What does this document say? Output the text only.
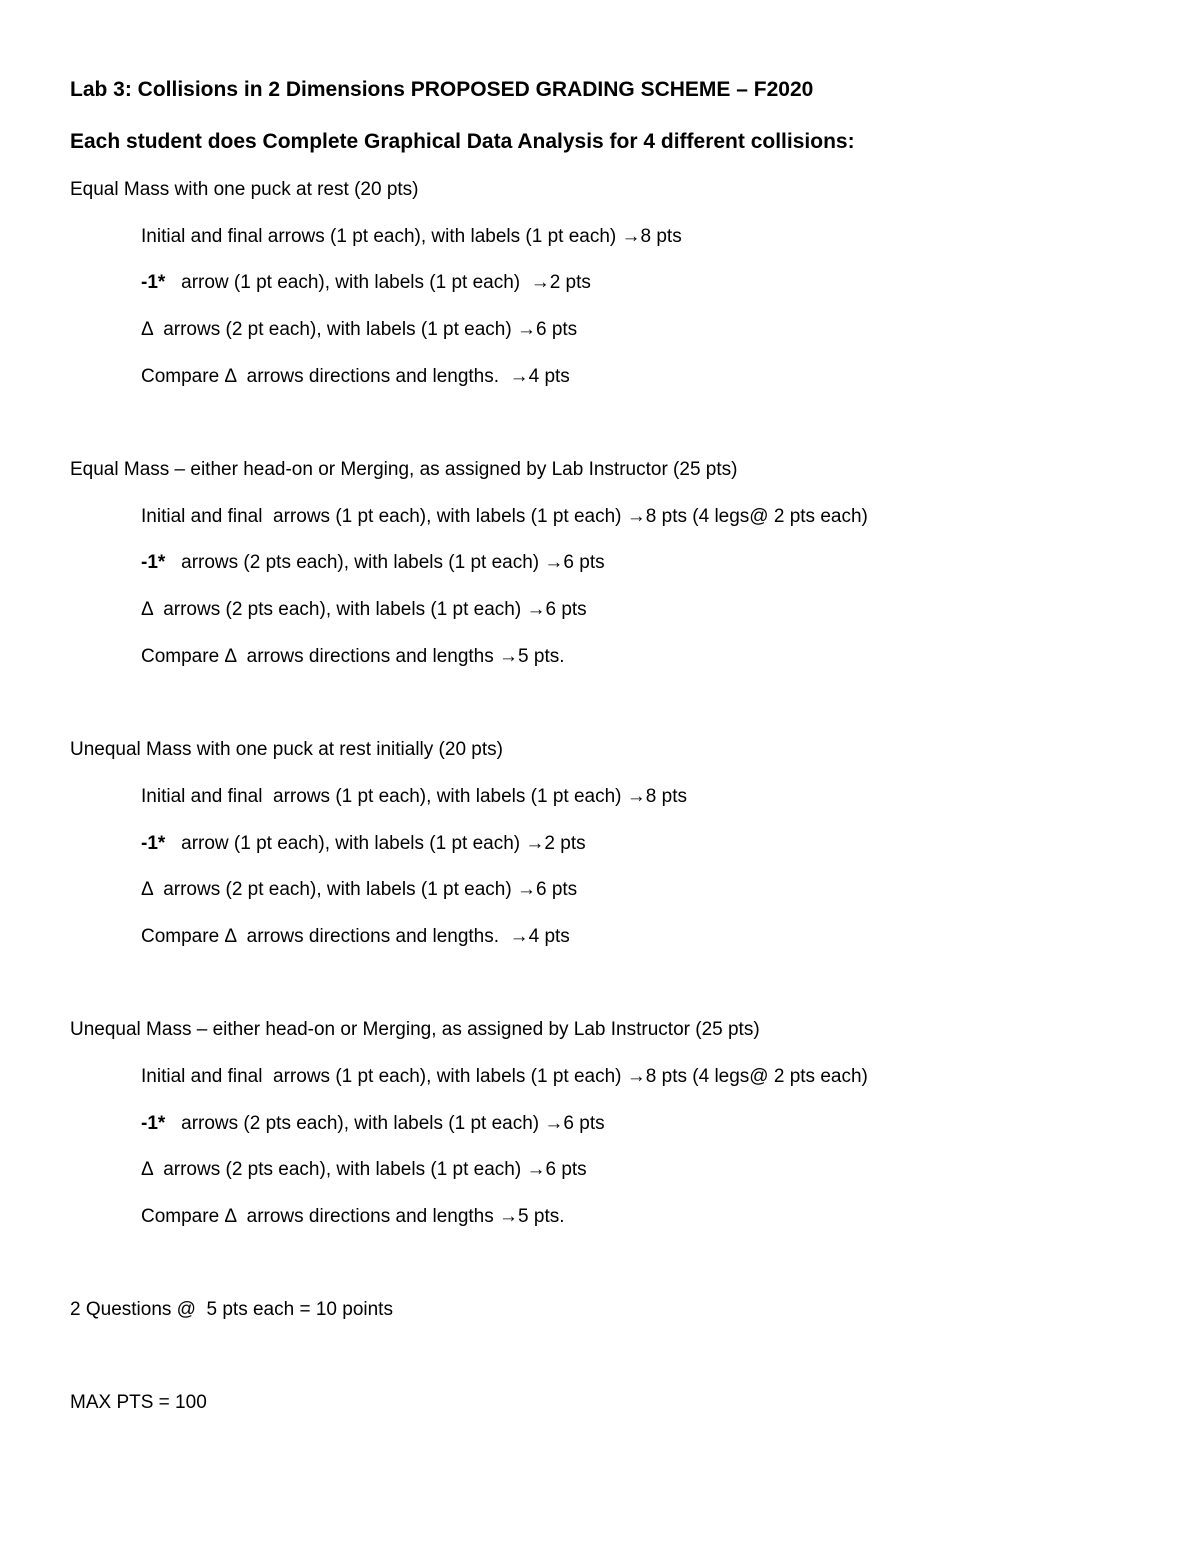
Lab 3: Collisions in 2 Dimensions PROPOSED GRADING SCHEME – F2020
Each student does Complete Graphical Data Analysis for 4 different collisions:
Equal Mass with one puck at rest (20 pts)
Initial and final arrows (1 pt each), with labels (1 pt each) →8 pts
-1*   arrow (1 pt each), with labels (1 pt each)  →2 pts
Δ  arrows (2 pt each), with labels (1 pt each) →6 pts
Compare Δ  arrows directions and lengths.  →4 pts
Equal Mass – either head-on or Merging, as assigned by Lab Instructor (25 pts)
Initial and final  arrows (1 pt each), with labels (1 pt each) →8 pts (4 legs@ 2 pts each)
-1*   arrows (2 pts each), with labels (1 pt each) →6 pts
Δ  arrows (2 pts each), with labels (1 pt each) →6 pts
Compare Δ  arrows directions and lengths →5 pts.
Unequal Mass with one puck at rest initially (20 pts)
Initial and final  arrows (1 pt each), with labels (1 pt each) →8 pts
-1*   arrow (1 pt each), with labels (1 pt each) →2 pts
Δ  arrows (2 pt each), with labels (1 pt each) →6 pts
Compare Δ  arrows directions and lengths.  →4 pts
Unequal Mass – either head-on or Merging, as assigned by Lab Instructor (25 pts)
Initial and final  arrows (1 pt each), with labels (1 pt each) →8 pts (4 legs@ 2 pts each)
-1*   arrows (2 pts each), with labels (1 pt each) →6 pts
Δ  arrows (2 pts each), with labels (1 pt each) →6 pts
Compare Δ  arrows directions and lengths →5 pts.
2 Questions @  5 pts each = 10 points
MAX PTS = 100
